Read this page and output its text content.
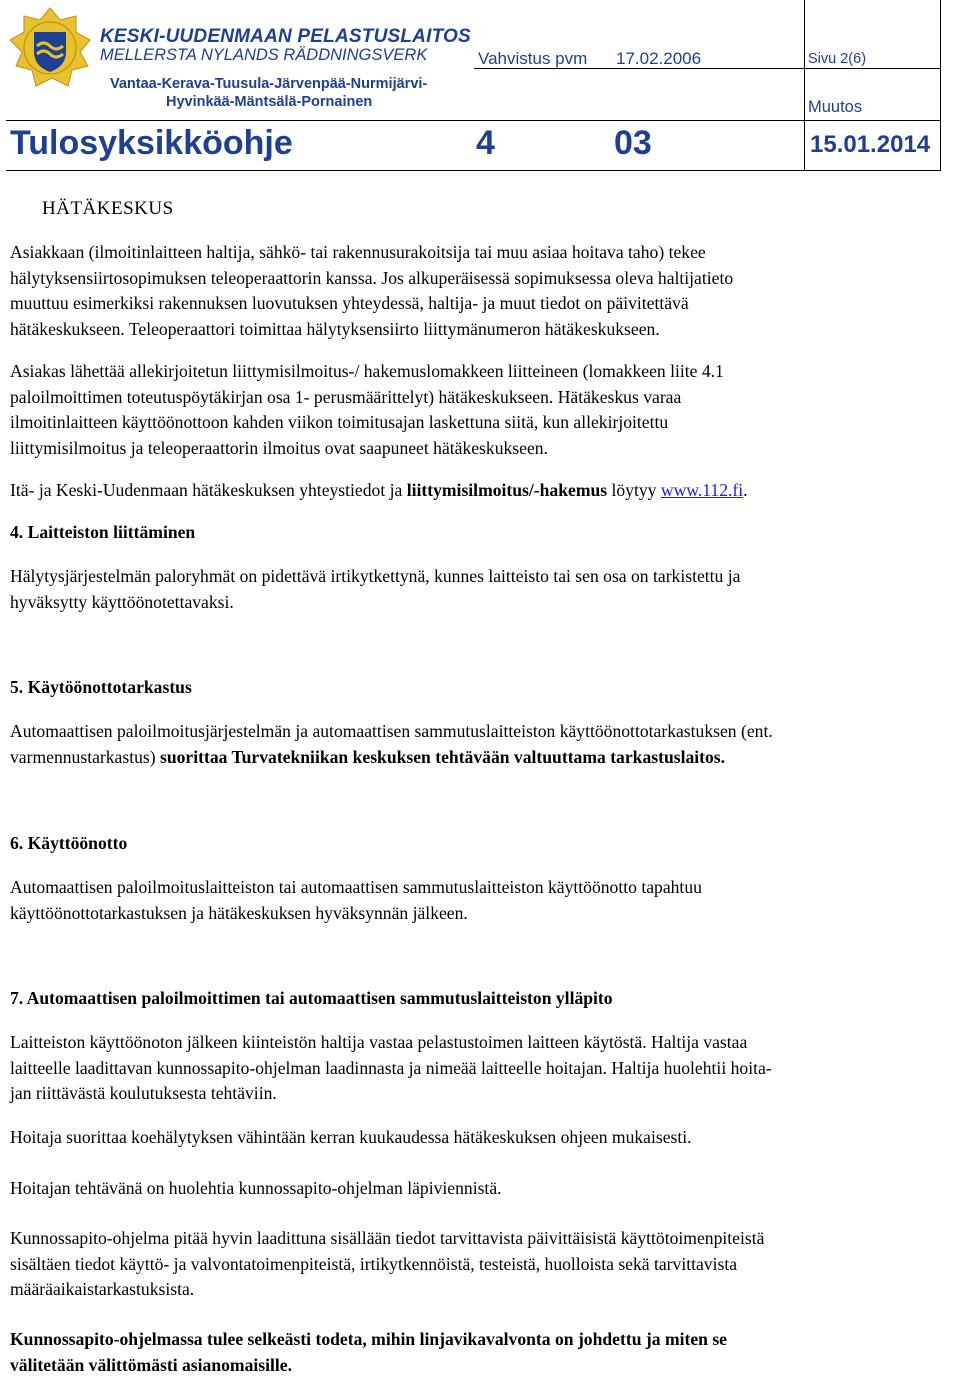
KESKI-UUDENMAAN PELASTUSLAITOS
MELLERSTA NYLANDS RÄDDNINGSVERK
Vantaa-Kerava-Tuusula-Järvenpää-Nurmijärvi-
Hyvinkää-Mäntsälä-Pornainen
Vahvistus pvm 17.02.2006	Sivu 2(6)
Muutos
Tulosyksikköohje	4	03	15.01.2014
HÄTÄKESKUS
Asiakkaan (ilmoitinlaitteen haltija, sähkö- tai rakennusurakoitsija tai muu asiaa hoitava taho) tekee
hälytyksensiirtosopimuksen teleoperaattorin kanssa. Jos alkuperäisessä sopimuksessa oleva haltijatieto
muuttuu esimerkiksi rakennuksen luovutuksen yhteydessä, haltija- ja muut tiedot on päivitettävä
hätäkeskukseen. Teleoperaattori toimittaa hälytyksensiirto liittymänumeron hätäkeskukseen.
Asiakas lähettää allekirjoitetun liittymisilmoitus-/ hakemuslomakkeen liitteineen (lomakkeen liite 4.1
paloilmoittimen toteutuspöytäkirjan osa 1- perusmäärittelyt) hätäkeskukseen. Hätäkeskus varaa
ilmoitinlaitteen käyttöönottoon kahden viikon toimitusajan laskettuna siitä, kun allekirjoitettu
liittymisilmoitus ja teleoperaattorin ilmoitus ovat saapuneet hätäkeskukseen.
Itä- ja Keski-Uudenmaan hätäkeskuksen yhteystiedot ja liittymisilmoitus/-hakemus löytyy www.112.fi.
4. Laitteiston liittäminen
Hälytysjärjestelmän paloryhmät on pidettävä irtikytkettynä, kunnes laitteisto tai sen osa on tarkistettu ja
hyväksytty käyttöönotettavaksi.
5. Käytöönottotarkastus
Automaattisen paloilmoitusjärjestelmän ja automaattisen sammutuslaitteiston käyttöönottotarkastuksen (ent.
varmennustarkastus) suorittaa Turvatekniikan keskuksen tehtävään valtuuttama tarkastuslaitos.
6. Käyttöönotto
Automaattisen paloilmoituslaitteiston tai automaattisen sammutuslaitteiston käyttöönotto tapahtuu
käyttöönottotarkastuksen ja hätäkeskuksen hyväksynnän jälkeen.
7. Automaattisen paloilmoittimen tai automaattisen sammutuslaitteiston ylläpito
Laitteiston käyttöönoton jälkeen kiinteistön haltija vastaa pelastustoimen laitteen käytöstä. Haltija vastaa
laitteelle laadittavan kunnossapito-ohjelman laadinnasta ja nimeää laitteelle hoitajan. Haltija huolehtii hoita-
jan riittävästä koulutuksesta tehtäviin.
Hoitaja suorittaa koehälytyksen vähintään kerran kuukaudessa hätäkeskuksen ohjeen mukaisesti.
Hoitajan tehtävänä on huolehtia kunnossapito-ohjelman läpiviennistä.
Kunnossapito-ohjelma pitää hyvin laadittuna sisällään tiedot tarvittavista päivittäisistä käyttötoimenpiteistä
sisältäen tiedot käyttö- ja valvontatoimenpiteistä, irtikytkennöistä, testeistä, huolloista sekä tarvittavista
määräaikaistarkastuksista.
Kunnossapito-ohjelmassa tulee selkeästi todeta, mihin linjavikavalvonta on johdettu ja miten se
välitetään välittömästi asianomaisille.
